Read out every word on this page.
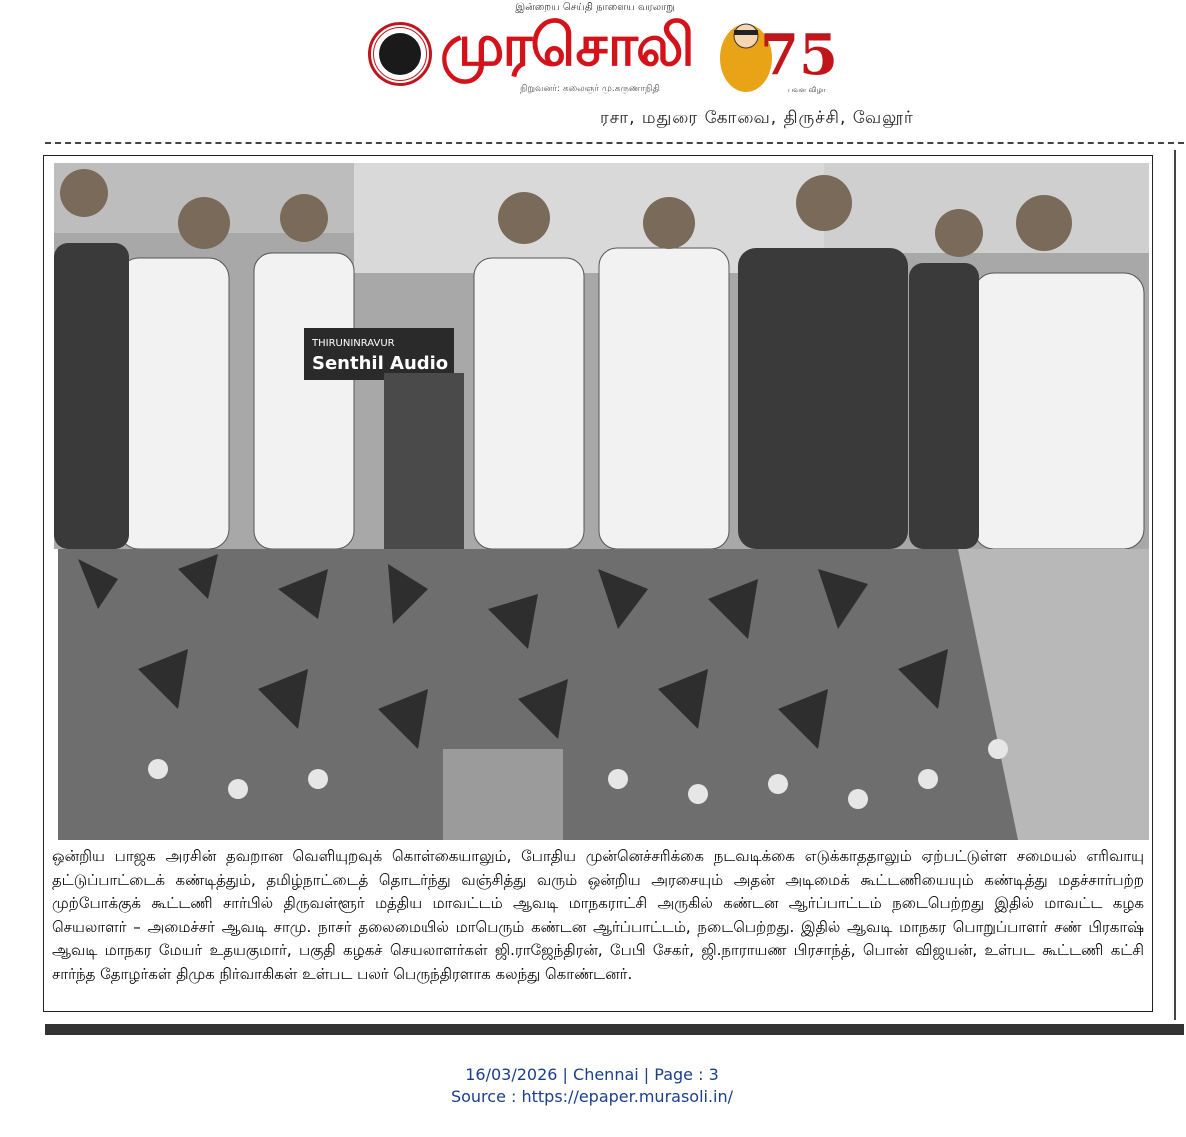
இன்றைய செய்தி நாளைய வரலாறு
முரசொலி
நிறுவனர்: கலைஞர் மு.கருணாநிதி
75
பவள விழா
ரசா, மதுரை கோவை, திருச்சி, வேலூர்
THIRUNINRAVUR
Senthil Audio
ஒன்றிய பாஜக அரசின் தவறான வெளியுறவுக் கொள்கையாலும், போதிய முன்னெச்சரிக்கை நடவடிக்கை எடுக்காததாலும் ஏற்பட்டுள்ள சமையல் எரிவாயு தட்டுப்பாட்டைக் கண்டித்தும், தமிழ்நாட்டைத் தொடர்ந்து வஞ்சித்து வரும் ஒன்றிய அரசையும் அதன் அடிமைக் கூட்டணியையும் கண்டித்து மதச்சார்பற்ற முற்போக்குக் கூட்டணி சார்பில் திருவள்ளூர் மத்திய மாவட்டம் ஆவடி மாநகராட்சி அருகில் கண்டன ஆர்ப்பாட்டம் நடைபெற்றது இதில் மாவட்ட கழக செயலாளர் – அமைச்சர் ஆவடி சாமு. நாசர் தலைமையில் மாபெரும் கண்டன ஆர்ப்பாட்டம், நடைபெற்றது. இதில் ஆவடி மாநகர பொறுப்பாளர் சண் பிரகாஷ் ஆவடி மாநகர மேயர் உதயகுமார், பகுதி கழகச் செயலாளர்கள் ஜி.ராஜேந்திரன், பேபி சேகர், ஜி.நாராயண பிரசாந்த், பொன் விஜயன், உள்பட கூட்டணி கட்சி சார்ந்த தோழர்கள் திமுக நிர்வாகிகள் உள்பட பலர் பெருந்திரளாக கலந்து கொண்டனர்.
16/03/2026 | Chennai | Page : 3
Source : https://epaper.murasoli.in/
